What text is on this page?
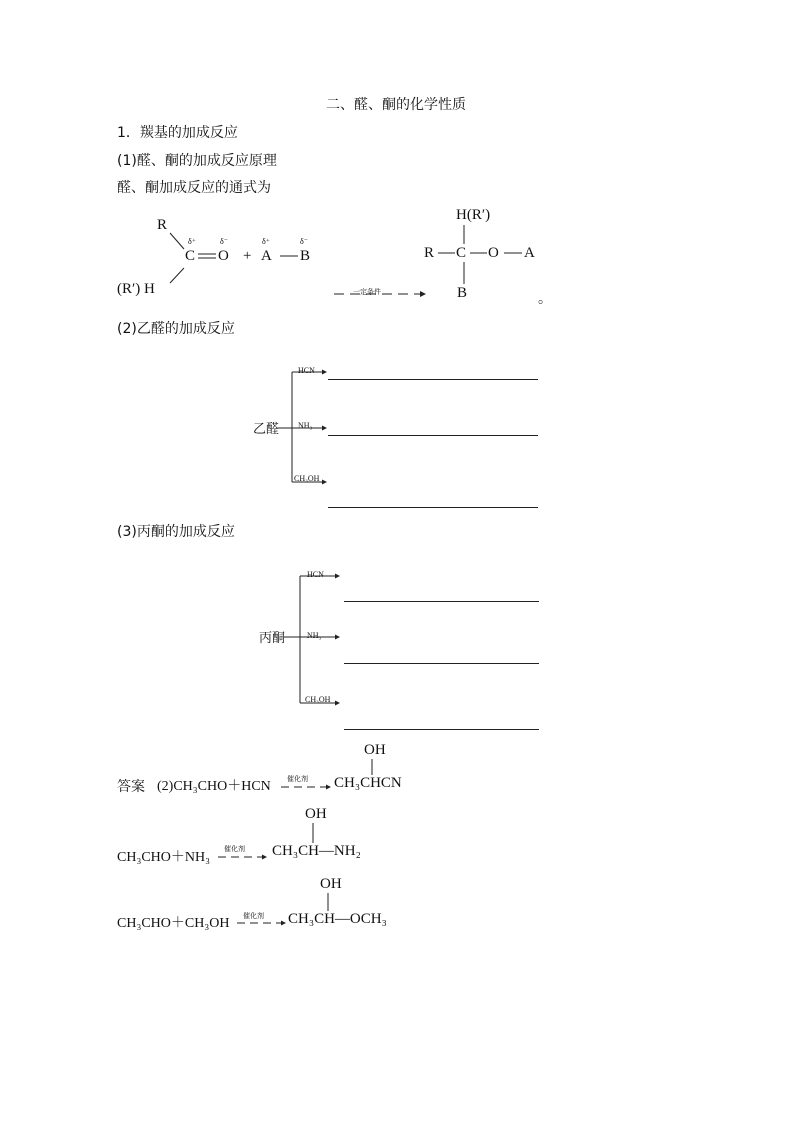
二、醛、酮的化学性质
1．羰基的加成反应
(1)醛、酮的加成反应原理
醛、酮加成反应的通式为
R
δ⁺	δ⁻	δ⁺	δ⁻
C O + A B
(R′) H	一定条件
H(R′)
R C O A
B	。
(2)乙醛的加成反应
乙醛
HCN
NH₃
CH₃OH
(3)丙酮的加成反应
丙酮
HCN
NH₃
CH₃OH
答案 (2)CH₃CHO＋HCN 催化剂
OH
CH₃CHCN
CH₃CHO＋NH₃
催化剂
OH
CH₃CH—NH₂
CH₃CHO＋CH₃OH 催化剂
OH
CH₃CH—OCH₃
